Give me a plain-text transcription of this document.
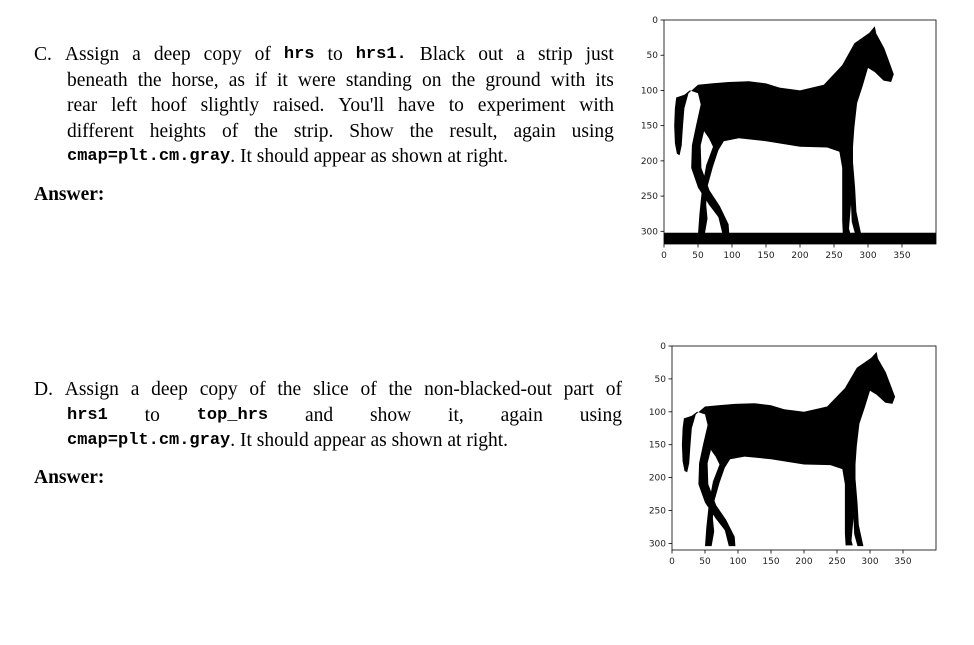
C. Assign a deep copy of hrs to hrs1. Black out a strip just
beneath the horse, as if it were standing on the ground with its
rear left hoof slightly raised. You'll have to experiment with
different heights of the strip. Show the result, again using
cmap=plt.cm.gray . It should appear as shown at right.
Answer:
0	50 100 150 200 250 300 350
0
50
100
150
200
250
300
D. Assign a deep copy of the slice of the non-blacked-out part of
hrs1 to top_hrs and show it, again using
cmap=plt.cm.gray . It should appear as shown at right.
Answer:
0	50 100 150 200 250 300 350
0
50
100
150
200
250
300
